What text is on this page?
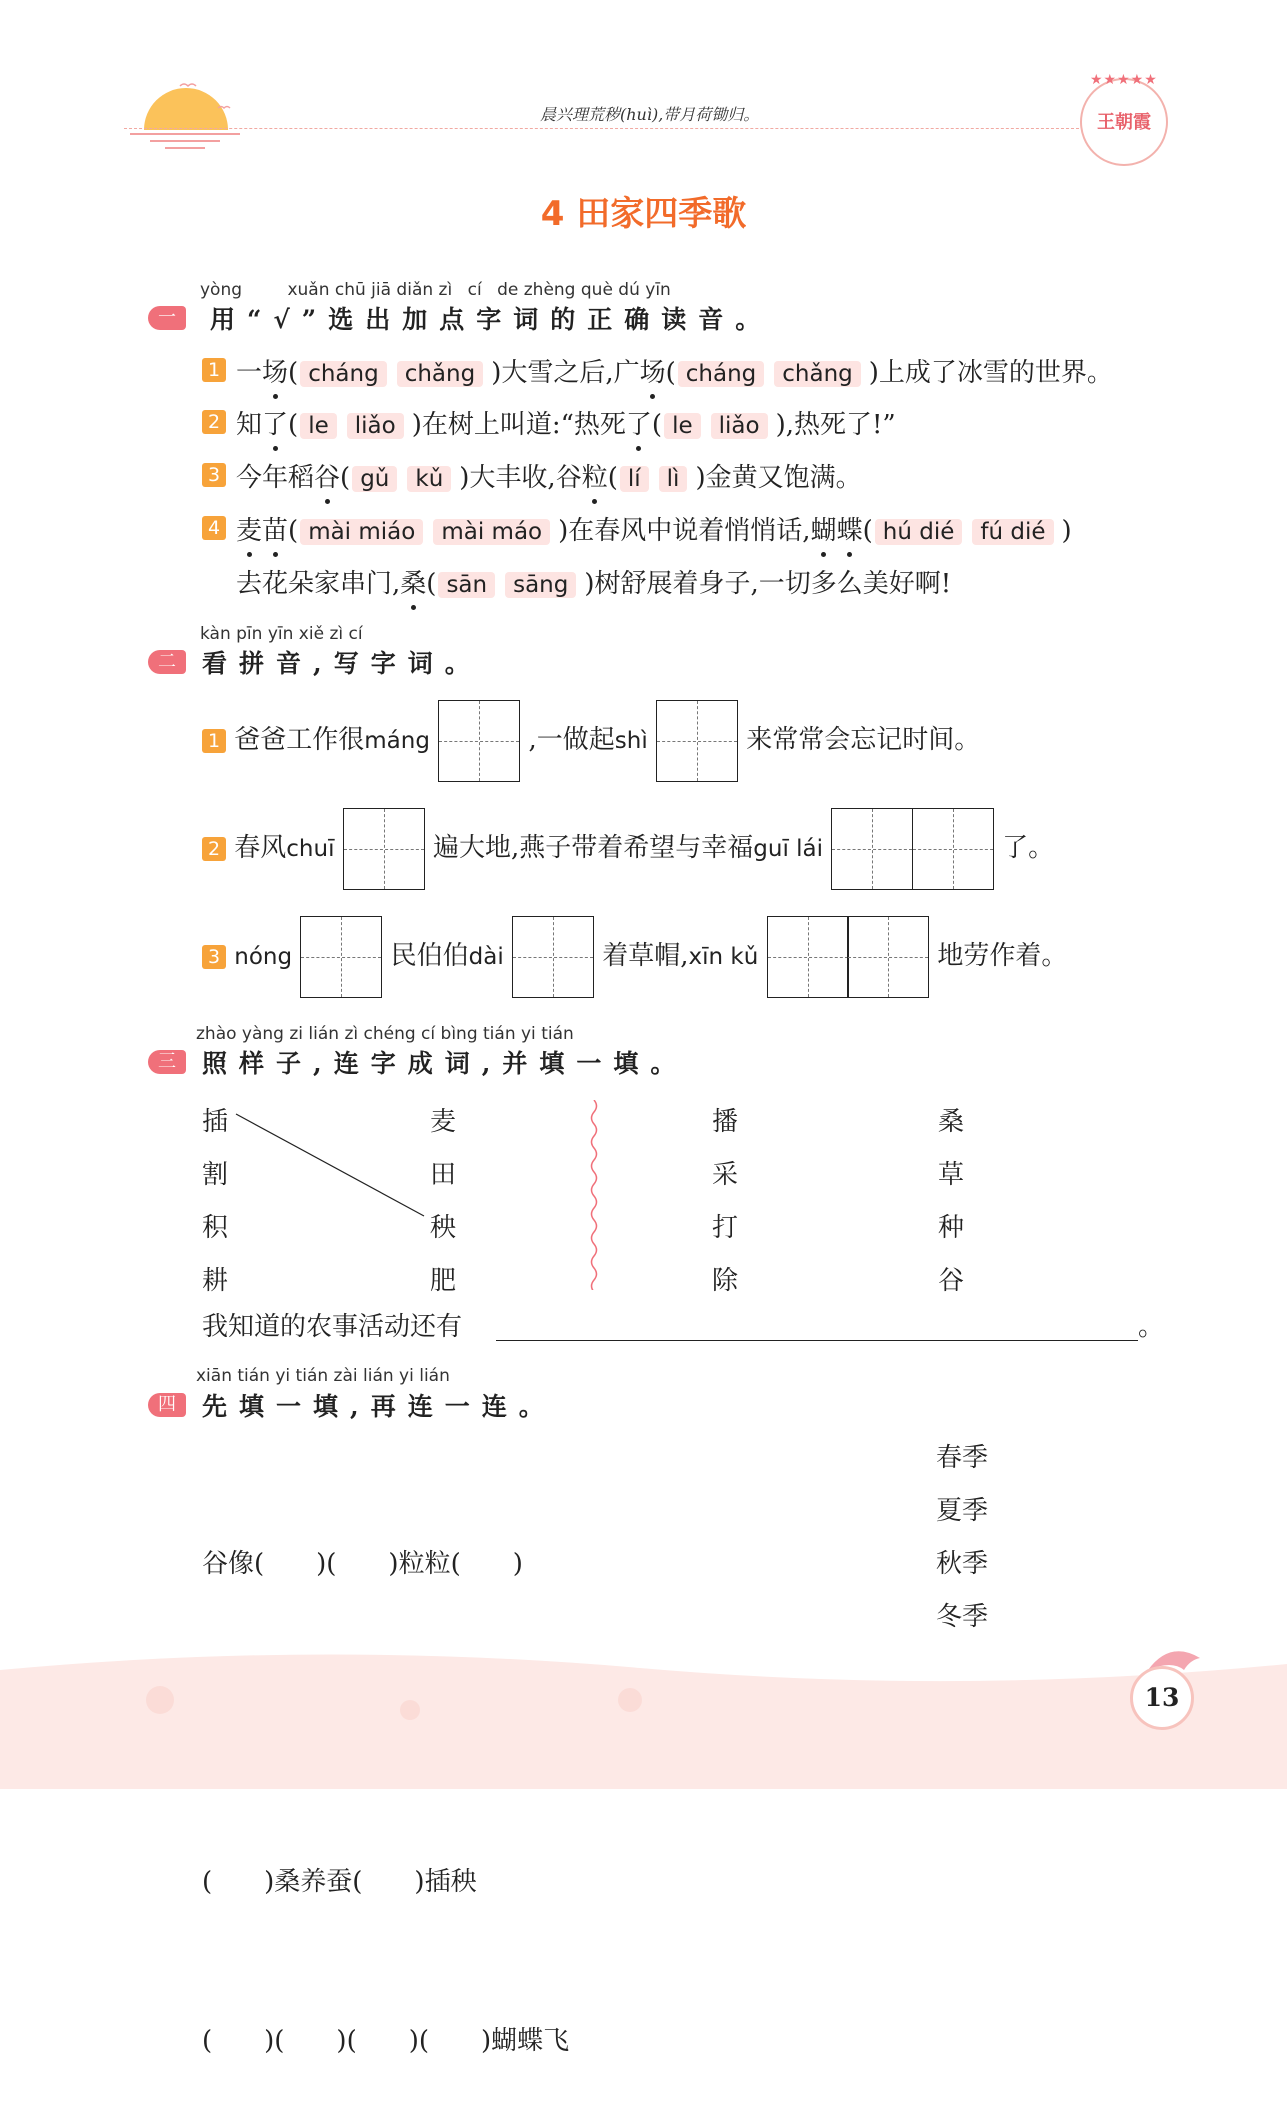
晨兴理荒秽(huì),带月荷锄归。
★★★★★
王朝霞
4 田家四季歌
yòng	xuǎn chū jiā diǎn zì cí de zhèng què dú yīn
一	用“√”选出加点字词的正确读音。
1 一场( cháng chǎng )大雪之后,广场( cháng chǎng )上成了冰雪的世界。
2 知了( le liǎo )在树上叫道:“热死了( le liǎo ),热死了!”
3 今年稻谷( gǔ kǔ )大丰收,谷粒( lí lì )金黄又饱满。
4 麦苗( mài miáo mài máo )在春风中说着悄悄话,蝴蝶( hú dié fú dié )
去花朵家串门,桑( sān sāng )树舒展着身子,一切多么美好啊!
kàn pīn yīn xiě zì cí
二	看拼音,写字词。
1 爸爸工作很máng	,一做起shì	来常常会忘记时间。
2 春风chuī	遍大地,燕子带着希望与幸福guī lái	了。
3 nóng	民伯伯dài	着草帽,xīn kǔ	地劳作着。
zhào yàng zi lián zì chéng cí bìng tián yi tián
三	照样子,连字成词,并填一填。
插
割
积
耕
麦
田
秧
肥
播
采
打
除
桑
草
种
谷
我知道的农事活动还有	。
xiān tián yi tián zài lián yi lián
四	先填一填,再连一连。

谷像(　　)(　　)粒粒(　　)

(　　)桑养蚕(　　)插秧

(　　)(　　)(　　)(　　)蝴蝶飞

春季
夏季
秋季
冬季
13
